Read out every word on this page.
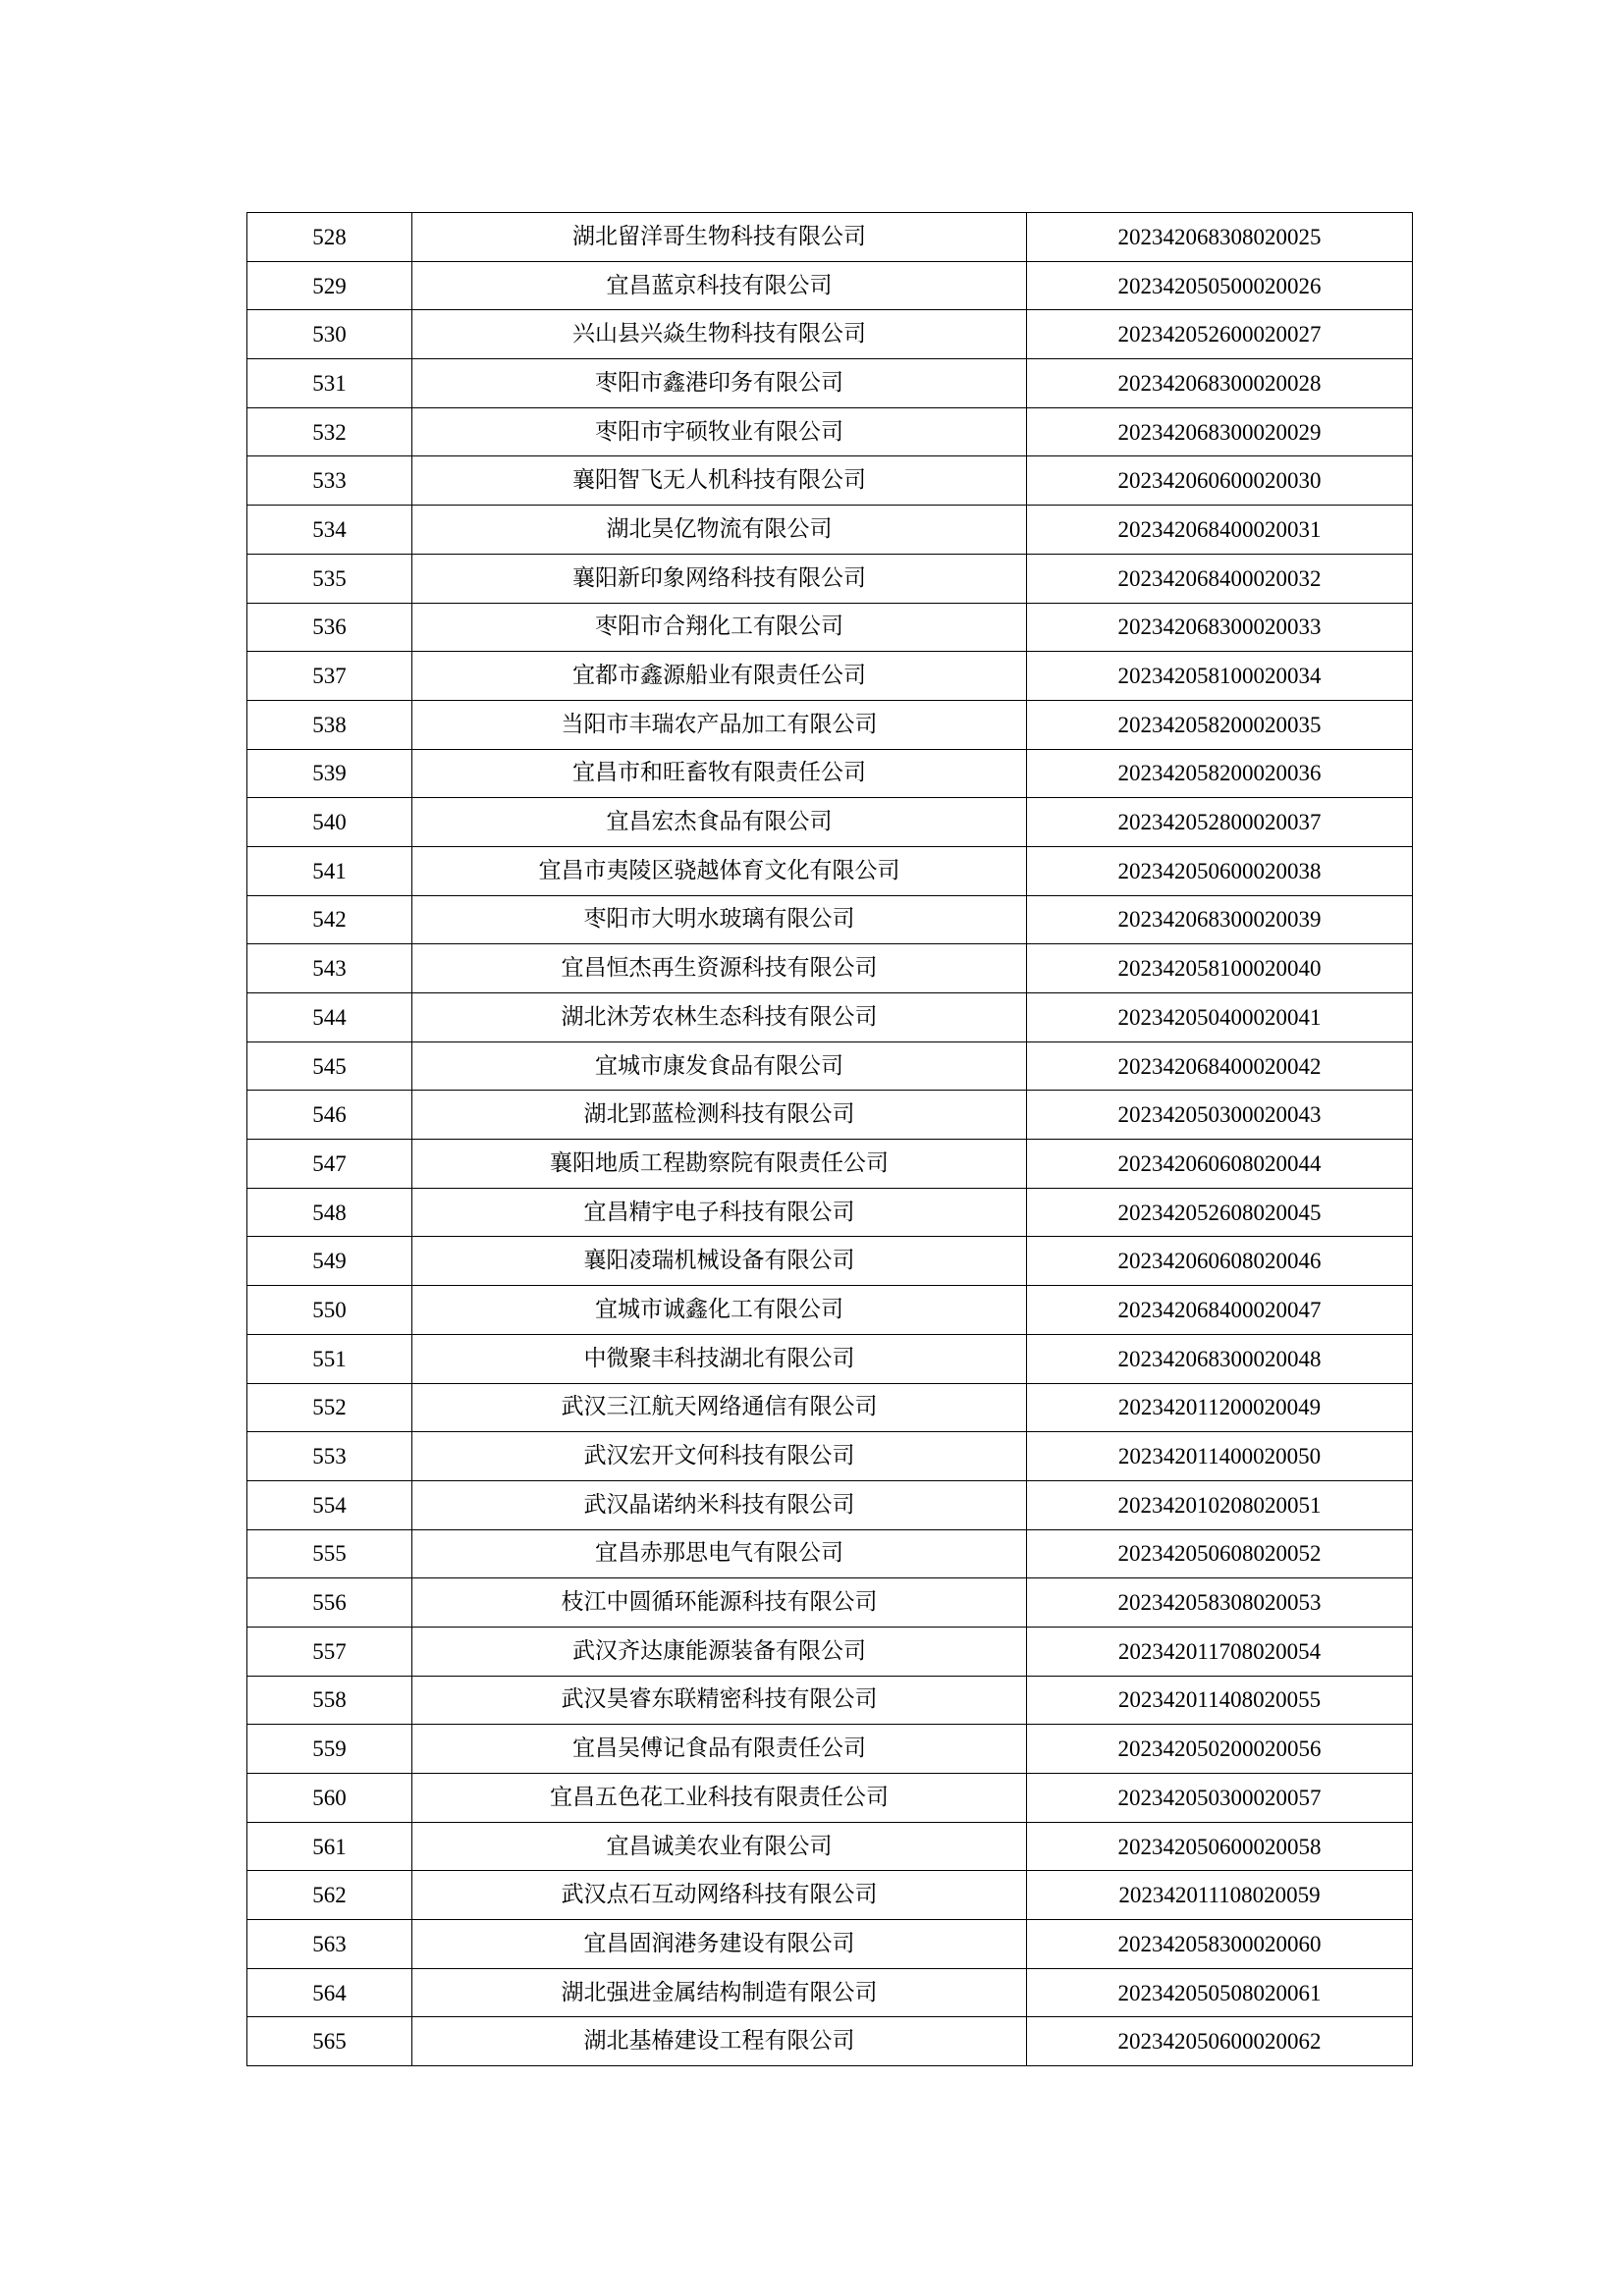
528	湖北留洋哥生物科技有限公司	202342068308020025
529	宜昌蓝京科技有限公司	202342050500020026
530	兴山县兴焱生物科技有限公司	202342052600020027
531	枣阳市鑫港印务有限公司	202342068300020028
532	枣阳市宇硕牧业有限公司	202342068300020029
533	襄阳智飞无人机科技有限公司	202342060600020030
534	湖北昊亿物流有限公司	202342068400020031
535	襄阳新印象网络科技有限公司	202342068400020032
536	枣阳市合翔化工有限公司	202342068300020033
537	宜都市鑫源船业有限责任公司	202342058100020034
538	当阳市丰瑞农产品加工有限公司	202342058200020035
539	宜昌市和旺畜牧有限责任公司	202342058200020036
540	宜昌宏杰食品有限公司	202342052800020037
541	宜昌市夷陵区骁越体育文化有限公司	202342050600020038
542	枣阳市大明水玻璃有限公司	202342068300020039
543	宜昌恒杰再生资源科技有限公司	202342058100020040
544	湖北沐芳农林生态科技有限公司	202342050400020041
545	宜城市康发食品有限公司	202342068400020042
546	湖北郢蓝检测科技有限公司	202342050300020043
547	襄阳地质工程勘察院有限责任公司	202342060608020044
548	宜昌精宇电子科技有限公司	202342052608020045
549	襄阳凌瑞机械设备有限公司	202342060608020046
550	宜城市诚鑫化工有限公司	202342068400020047
551	中微聚丰科技湖北有限公司	202342068300020048
552	武汉三江航天网络通信有限公司	202342011200020049
553	武汉宏开文何科技有限公司	202342011400020050
554	武汉晶诺纳米科技有限公司	202342010208020051
555	宜昌赤那思电气有限公司	202342050608020052
556	枝江中圆循环能源科技有限公司	202342058308020053
557	武汉齐达康能源装备有限公司	202342011708020054
558	武汉昊睿东联精密科技有限公司	202342011408020055
559	宜昌吴傅记食品有限责任公司	202342050200020056
560	宜昌五色花工业科技有限责任公司	202342050300020057
561	宜昌诚美农业有限公司	202342050600020058
562	武汉点石互动网络科技有限公司	202342011108020059
563	宜昌固润港务建设有限公司	202342058300020060
564	湖北强进金属结构制造有限公司	202342050508020061
565	湖北基椿建设工程有限公司	202342050600020062
